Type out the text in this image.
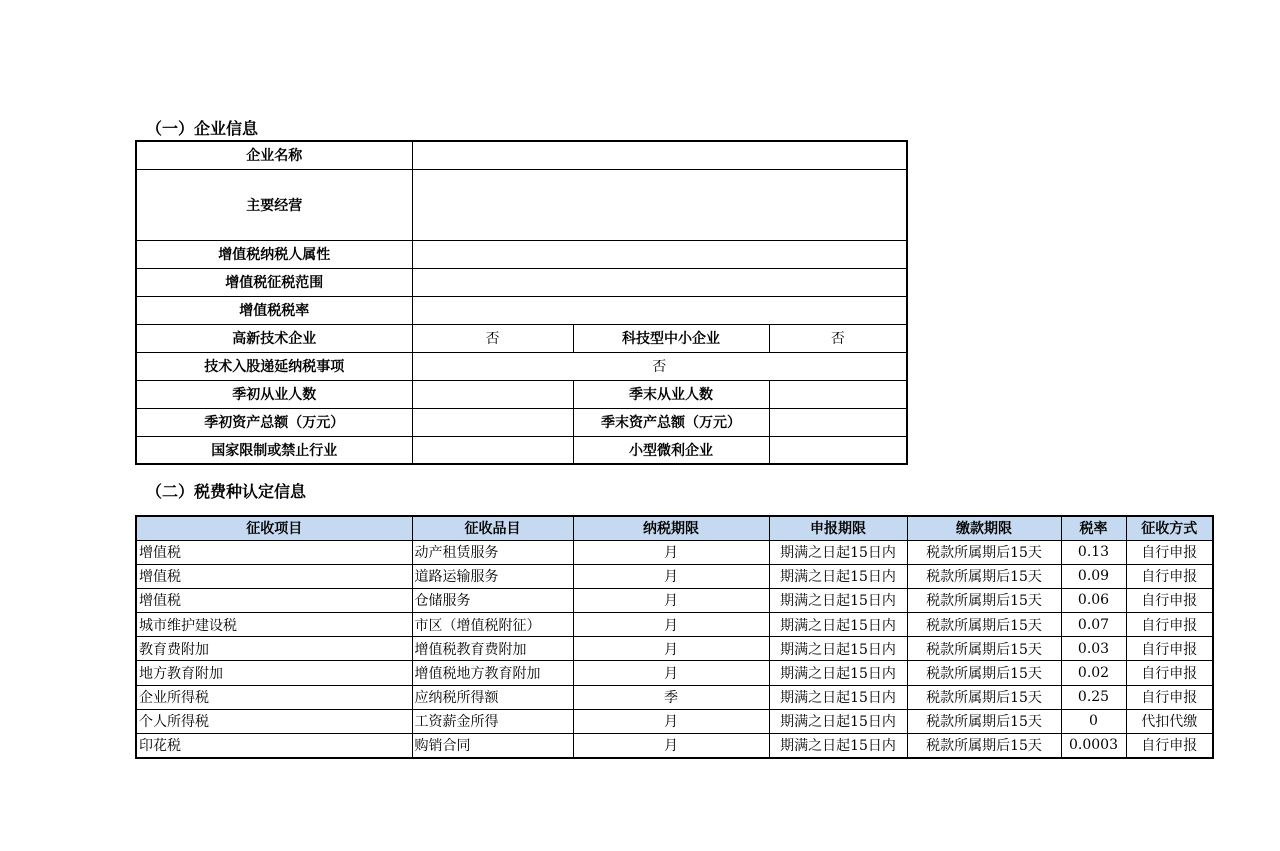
（一）企业信息
企业名称			
主要经营			
增值税纳税人属性			
增值税征税范围			
增值税税率			
高新技术企业	否	科技型中小企业	否
技术入股递延纳税事项	否		
季初从业人数		季末从业人数	
季初资产总额（万元）		季末资产总额（万元）	
国家限制或禁止行业		小型微利企业	
（二）税费种认定信息
征收项目	征收品目	纳税期限	申报期限	缴款期限	税率	征收方式
增值税	动产租赁服务	月	期满之日起15日内	税款所属期后15天	0.13	自行申报
增值税	道路运输服务	月	期满之日起15日内	税款所属期后15天	0.09	自行申报
增值税	仓储服务	月	期满之日起15日内	税款所属期后15天	0.06	自行申报
城市维护建设税	市区（增值税附征）	月	期满之日起15日内	税款所属期后15天	0.07	自行申报
教育费附加	增值税教育费附加	月	期满之日起15日内	税款所属期后15天	0.03	自行申报
地方教育附加	增值税地方教育附加	月	期满之日起15日内	税款所属期后15天	0.02	自行申报
企业所得税	应纳税所得额	季	期满之日起15日内	税款所属期后15天	0.25	自行申报
个人所得税	工资薪金所得	月	期满之日起15日内	税款所属期后15天	0	代扣代缴
印花税	购销合同	月	期满之日起15日内	税款所属期后15天	0.0003	自行申报
